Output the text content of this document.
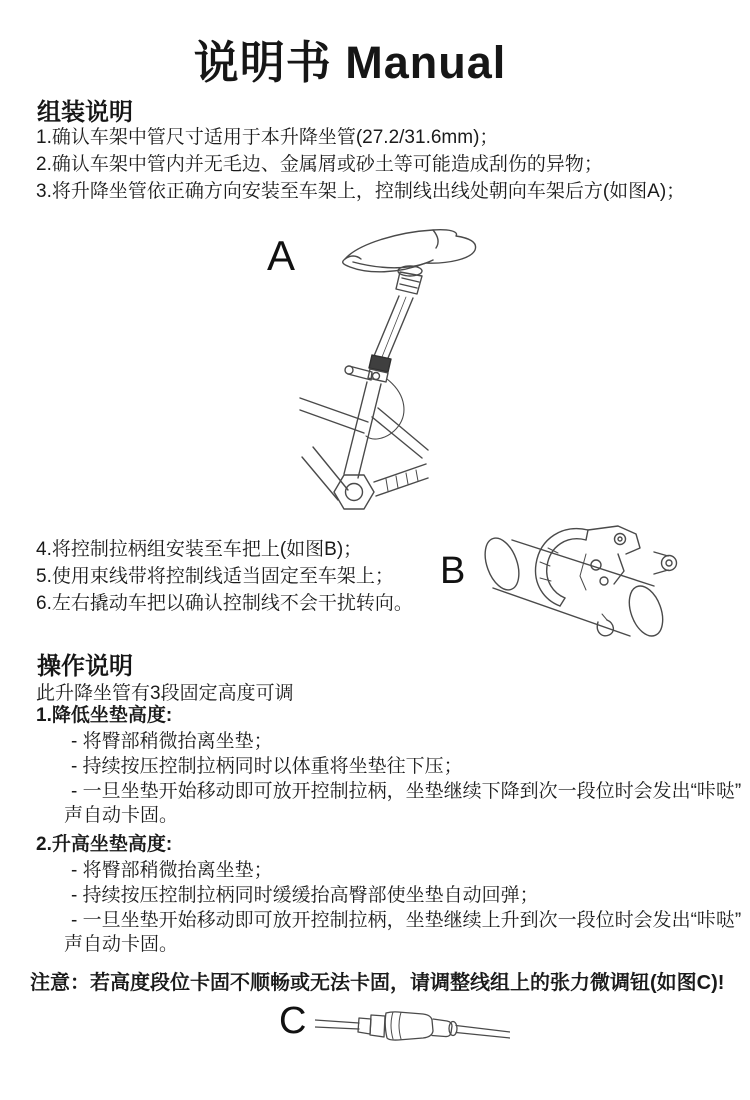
说明书 Manual
组装说明
1.确认车架中管尺寸适用于本升降坐管(27.2/31.6mm)；
2.确认车架中管内并无毛边、金属屑或砂土等可能造成刮伤的异物；
3.将升降坐管依正确方向安装至车架上，控制线出线处朝向车架后方(如图A)；
A
4.将控制拉柄组安装至车把上(如图B)；
5.使用束线带将控制线适当固定至车架上；
6.左右撬动车把以确认控制线不会干扰转向。
B
操作说明
此升降坐管有3段固定高度可调
1.降低坐垫高度:
- 将臀部稍微抬离坐垫；
- 持续按压控制拉柄同时以体重将坐垫往下压；
- 一旦坐垫开始移动即可放开控制拉柄，坐垫继续下降到次一段位时会发出“咔哒”
声自动卡固。
2.升高坐垫高度:
- 将臀部稍微抬离坐垫；
- 持续按压控制拉柄同时缓缓抬高臀部使坐垫自动回弹；
- 一旦坐垫开始移动即可放开控制拉柄，坐垫继续上升到次一段位时会发出“咔哒”
声自动卡固。
注意：若高度段位卡固不顺畅或无法卡固，请调整线组上的张力微调钮(如图C)!
C
